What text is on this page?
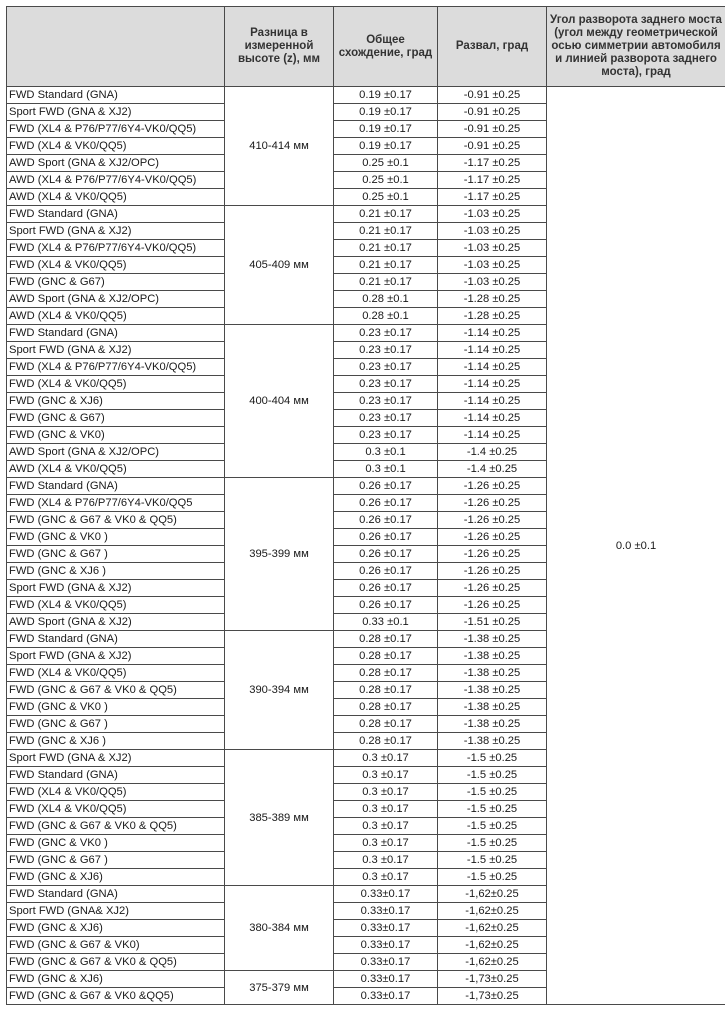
	Разница в измеренной высоте (z), мм	Общее схождение, град	Развал, град	Угол разворота заднего моста (угол между геометрической осью симметрии автомобиля и линией разворота заднего моста), град
FWD Standard (GNA)	410-414 мм	0.19 ±0.17	-0.91 ±0.25	0.0 ±0.1
Sport FWD (GNA & XJ2)		0.19 ±0.17	-0.91 ±0.25	
FWD (XL4 & P76/P77/6Y4-VK0/QQ5)		0.19 ±0.17	-0.91 ±0.25	
FWD (XL4 & VK0/QQ5)		0.19 ±0.17	-0.91 ±0.25	
AWD Sport (GNA & XJ2/OPC)		0.25 ±0.1	-1.17 ±0.25	
AWD (XL4 & P76/P77/6Y4-VK0/QQ5)		0.25 ±0.1	-1.17 ±0.25	
AWD (XL4 & VK0/QQ5)		0.25 ±0.1	-1.17 ±0.25	
FWD Standard (GNA)	405-409 мм	0.21 ±0.17	-1.03 ±0.25	
Sport FWD (GNA & XJ2)		0.21 ±0.17	-1.03 ±0.25	
FWD (XL4 & P76/P77/6Y4-VK0/QQ5)		0.21 ±0.17	-1.03 ±0.25	
FWD (XL4 & VK0/QQ5)		0.21 ±0.17	-1.03 ±0.25	
FWD (GNC & G67)		0.21 ±0.17	-1.03 ±0.25	
AWD Sport (GNA & XJ2/OPC)		0.28 ±0.1	-1.28 ±0.25	
AWD (XL4 & VK0/QQ5)		0.28 ±0.1	-1.28 ±0.25	
FWD Standard (GNA)	400-404 мм	0.23 ±0.17	-1.14 ±0.25	
Sport FWD (GNA & XJ2)		0.23 ±0.17	-1.14 ±0.25	
FWD (XL4 & P76/P77/6Y4-VK0/QQ5)		0.23 ±0.17	-1.14 ±0.25	
FWD (XL4 & VK0/QQ5)		0.23 ±0.17	-1.14 ±0.25	
FWD (GNC & XJ6)		0.23 ±0.17	-1.14 ±0.25	
FWD (GNC & G67)		0.23 ±0.17	-1.14 ±0.25	
FWD (GNC & VK0)		0.23 ±0.17	-1.14 ±0.25	
AWD Sport (GNA & XJ2/OPC)		0.3 ±0.1	-1.4 ±0.25	
AWD (XL4 & VK0/QQ5)		0.3 ±0.1	-1.4 ±0.25	
FWD Standard (GNA)	395-399 мм	0.26 ±0.17	-1.26 ±0.25	
FWD (XL4 & P76/P77/6Y4-VK0/QQ5		0.26 ±0.17	-1.26 ±0.25	
FWD (GNC & G67 & VK0 & QQ5)		0.26 ±0.17	-1.26 ±0.25	
FWD (GNC & VK0 )		0.26 ±0.17	-1.26 ±0.25	
FWD (GNC & G67 )		0.26 ±0.17	-1.26 ±0.25	
FWD (GNC & XJ6 )		0.26 ±0.17	-1.26 ±0.25	
Sport FWD (GNA & XJ2)		0.26 ±0.17	-1.26 ±0.25	
FWD (XL4 & VK0/QQ5)		0.26 ±0.17	-1.26 ±0.25	
AWD Sport (GNA & XJ2)		0.33 ±0.1	-1.51 ±0.25	
FWD Standard (GNA)	390-394 мм	0.28 ±0.17	-1.38 ±0.25	
Sport FWD (GNA & XJ2)		0.28 ±0.17	-1.38 ±0.25	
FWD (XL4 & VK0/QQ5)		0.28 ±0.17	-1.38 ±0.25	
FWD (GNC & G67 & VK0 & QQ5)		0.28 ±0.17	-1.38 ±0.25	
FWD (GNC & VK0 )		0.28 ±0.17	-1.38 ±0.25	
FWD (GNC & G67 )		0.28 ±0.17	-1.38 ±0.25	
FWD (GNC & XJ6 )		0.28 ±0.17	-1.38 ±0.25	
Sport FWD (GNA & XJ2)	385-389 мм	0.3 ±0.17	-1.5 ±0.25	
FWD Standard (GNA)		0.3 ±0.17	-1.5 ±0.25	
FWD (XL4 & VK0/QQ5)		0.3 ±0.17	-1.5 ±0.25	
FWD (XL4 & VK0/QQ5)		0.3 ±0.17	-1.5 ±0.25	
FWD (GNC & G67 & VK0 & QQ5)		0.3 ±0.17	-1.5 ±0.25	
FWD (GNC & VK0 )		0.3 ±0.17	-1.5 ±0.25	
FWD (GNC & G67 )		0.3 ±0.17	-1.5 ±0.25	
FWD (GNC & XJ6)		0.3 ±0.17	-1.5 ±0.25	
FWD Standard (GNA)	380-384 мм	0.33±0.17	-1,62±0.25	
Sport FWD (GNA& XJ2)		0.33±0.17	-1,62±0.25	
FWD (GNC & XJ6)		0.33±0.17	-1,62±0.25	
FWD (GNC & G67 & VK0)		0.33±0.17	-1,62±0.25	
FWD (GNC & G67 & VK0 & QQ5)		0.33±0.17	-1,62±0.25	
FWD (GNC & XJ6)	375-379 мм	0.33±0.17	-1,73±0.25	
FWD (GNC & G67 & VK0 &QQ5)		0.33±0.17	-1,73±0.25	
